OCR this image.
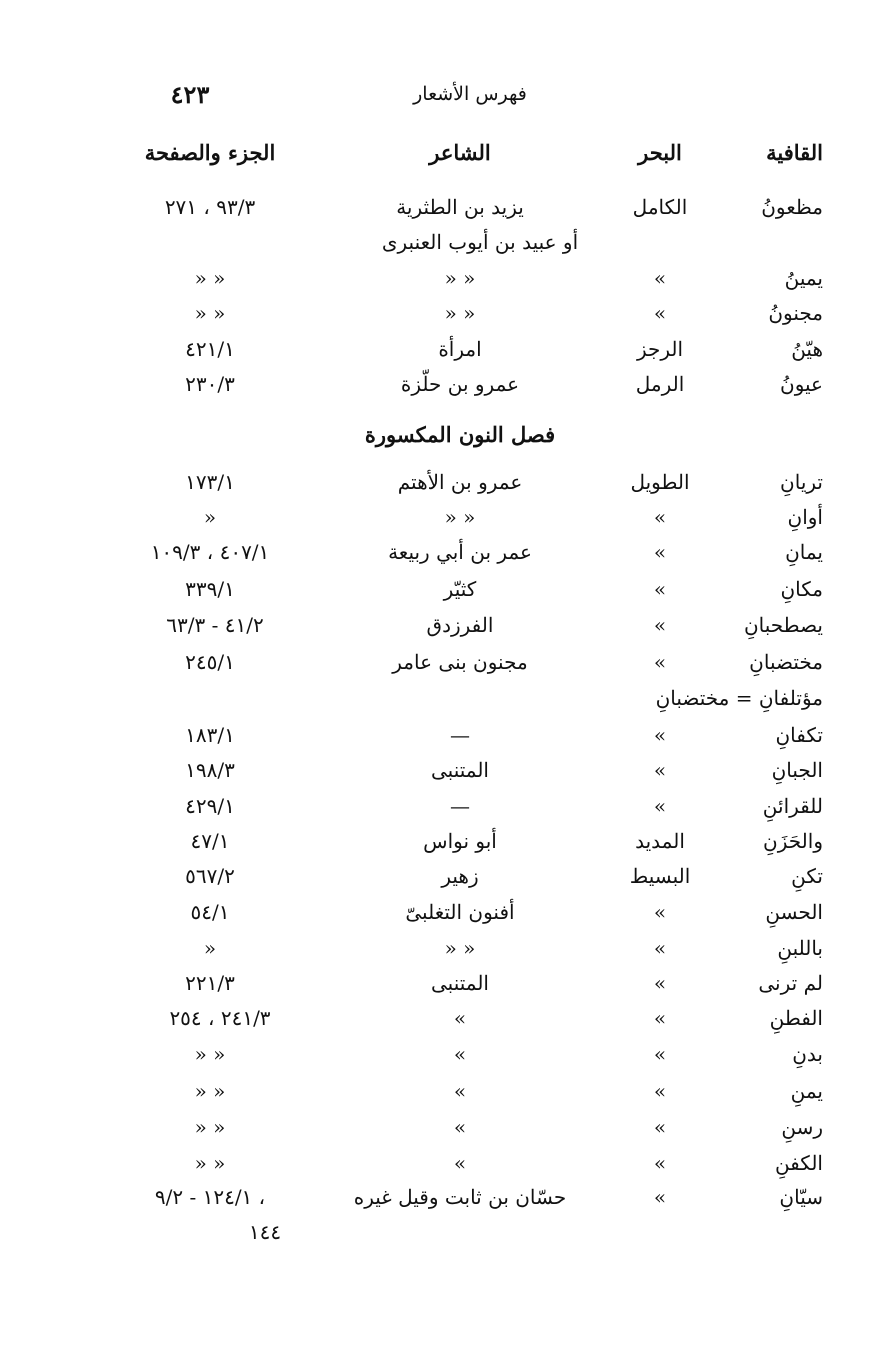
فهرس الأشعار
٤٢٣
القافية
البحر
الشاعر
الجزء والصفحة
مظعونُ
الكامل
يزيد بن الطثرية
٩٣/٣ ، ٢٧١
أو عبيد بن أيوب العنبرى
يمينُ
»
» »
» »
مجنونُ
»
» »
» »
هيّنُ
الرجز
امرأة
٤٢١/١
عيونُ
الرمل
عمرو بن حلّزة
٢٣٠/٣
فصل النون المكسورة
تريانِ
الطويل
عمرو بن الأهتم
١٧٣/١
أوانِ
»
» »
»
يمانِ
»
عمر بن أبي ربيعة
٤٠٧/١ ، ١٠٩/٣
مكانِ
»
كثيّر
٣٣٩/١
يصطحبانِ
»
الفرزدق
٤١/٢ - ٦٣/٣
مختضبانِ
»
مجنون بنى عامر
٢٤٥/١
مؤتلفانِ = مختضبانِ
تكفانِ
»
—
١٨٣/١
الجبانِ
»
المتنبى
١٩٨/٣
للقرائنِ
»
—
٤٢٩/١
والحَزَنِ
المديد
أبو نواس
٤٧/١
تكنِ
البسيط
زهير
٥٦٧/٢
الحسنِ
»
أفنون التغلبىّ
٥٤/١
باللبنِ
»
» »
»
لم ترنى
»
المتنبى
٢٢١/٣
الفطنِ
»
»
٢٤١/٣ ، ٢٥٤
بدنِ
»
»
» »
يمنِ
»
»
» »
رسنِ
»
»
» »
الكفنِ
»
»
» »
سيّانِ
»
حسّان بن ثابت وقيل غيره
١٢٤/١ - ٩/٢ ،
١٤٤
